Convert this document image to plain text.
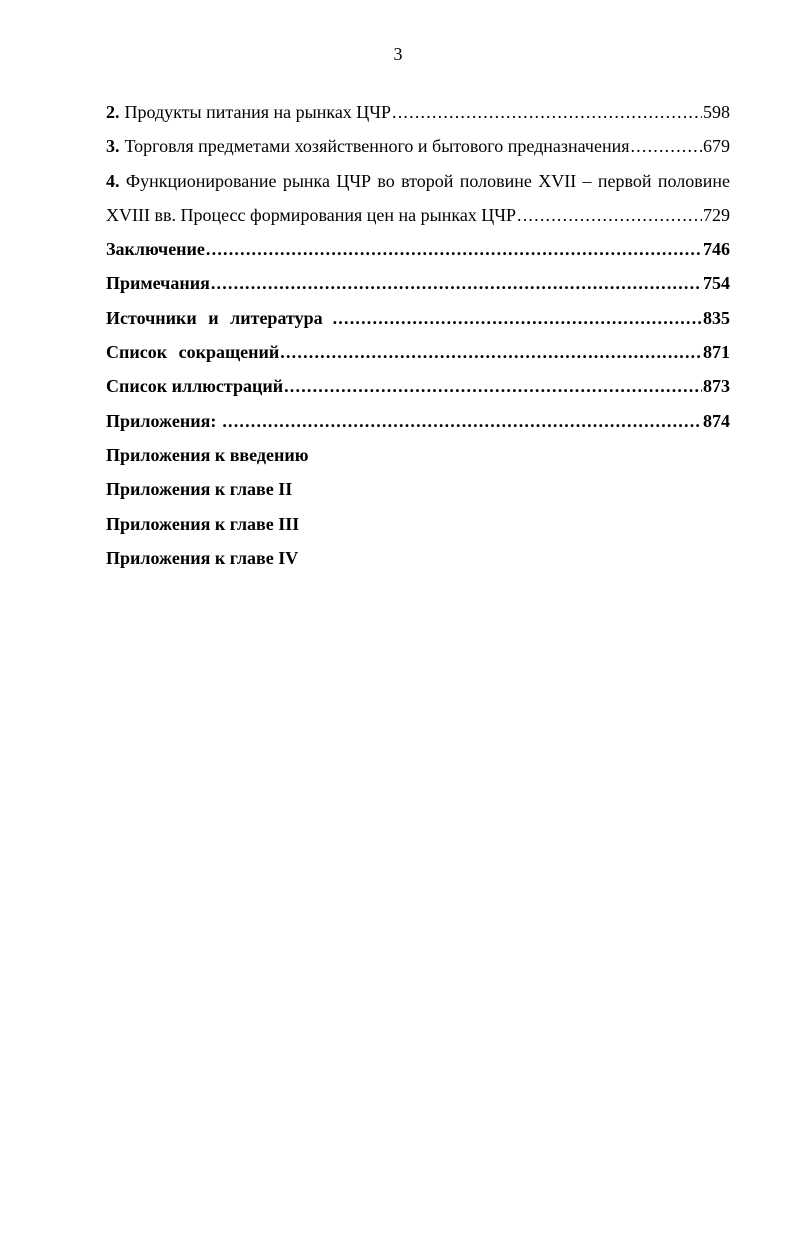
3
2. Продукты питания на рынках ЦЧР .....	598
3. Торговля предметами хозяйственного и бытового предназначения .....	679
4. Функционирование рынка ЦЧР во второй половине XVII – первой половине
XVIII вв. Процесс формирования цен на рынках ЦЧР .....	729
Заключение .....	746
Примечания .....	754
Источники и литература .....	835
Список сокращений .....	871
Список иллюстраций .....	873
Приложения: .....	874
Приложения к введению
Приложения к главе II
Приложения к главе III
Приложения к главе IV
